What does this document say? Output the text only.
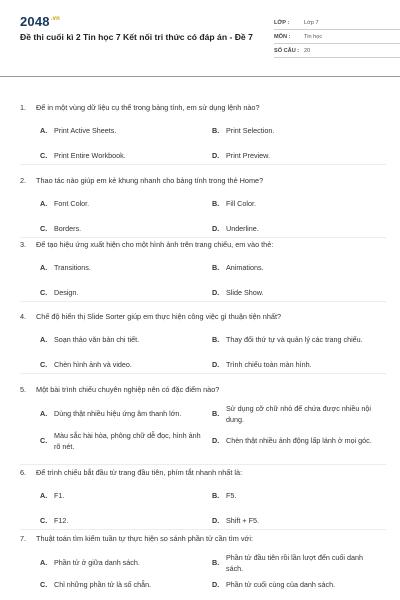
$2048^{.vn}$
Đề thi cuối kì 2 Tin học 7 Kết nối tri thức có đáp án - Đề 7
LỚP :	Lớp 7
MÔN :	Tin học
SỐ CÂU : 20
1.	Để in một vùng dữ liệu cụ thể trong bảng tính, em sử dụng lệnh nào?
A. Print Active Sheets.	B. Print Selection.
C. Print Entire Workbook.	D. Print Preview.
2.	Thao tác nào giúp em kẻ khung nhanh cho bảng tính trong thẻ Home?
A. Font Color.	B. Fill Color.
C. Borders.	D. Underline.
3.	Để tạo hiệu ứng xuất hiện cho một hình ảnh trên trang chiếu, em vào thẻ:
A. Transitions.	B. Animations.
C. Design.	D. Slide Show.
4.	Chế độ hiển thị Slide Sorter giúp em thực hiện công việc gì thuận tiện nhất?
A. Soạn thảo văn bản chi tiết.	B. Thay đổi thứ tự và quản lý các trang chiếu.
C. Chèn hình ảnh và video.	D. Trình chiếu toàn màn hình.
5.	Một bài trình chiếu chuyên nghiệp nên có đặc điểm nào?
A. Dùng thật nhiều hiệu ứng âm thanh lớn.	B.
Sử dụng cỡ chữ nhỏ để chứa được nhiều nội dung.
C.
Màu sắc hài hòa, phông chữ dễ đọc, hình ảnh rõ nét.
D. Chèn thật nhiều ảnh động lấp lánh ở mọi góc.
6.	Để trình chiếu bắt đầu từ trang đầu tiên, phím tắt nhanh nhất là:
A. F1.	B. F5.
C. F12.	D. Shift + F5.
7.	Thuật toán tìm kiếm tuần tự thực hiện so sánh phần tử cần tìm với:
A. Phần tử ở giữa danh sách.	B.
Phần tử đầu tiên rồi lần lượt đến cuối danh sách.
C. Chỉ những phần tử là số chẵn.	D. Phần tử cuối cùng của danh sách.
